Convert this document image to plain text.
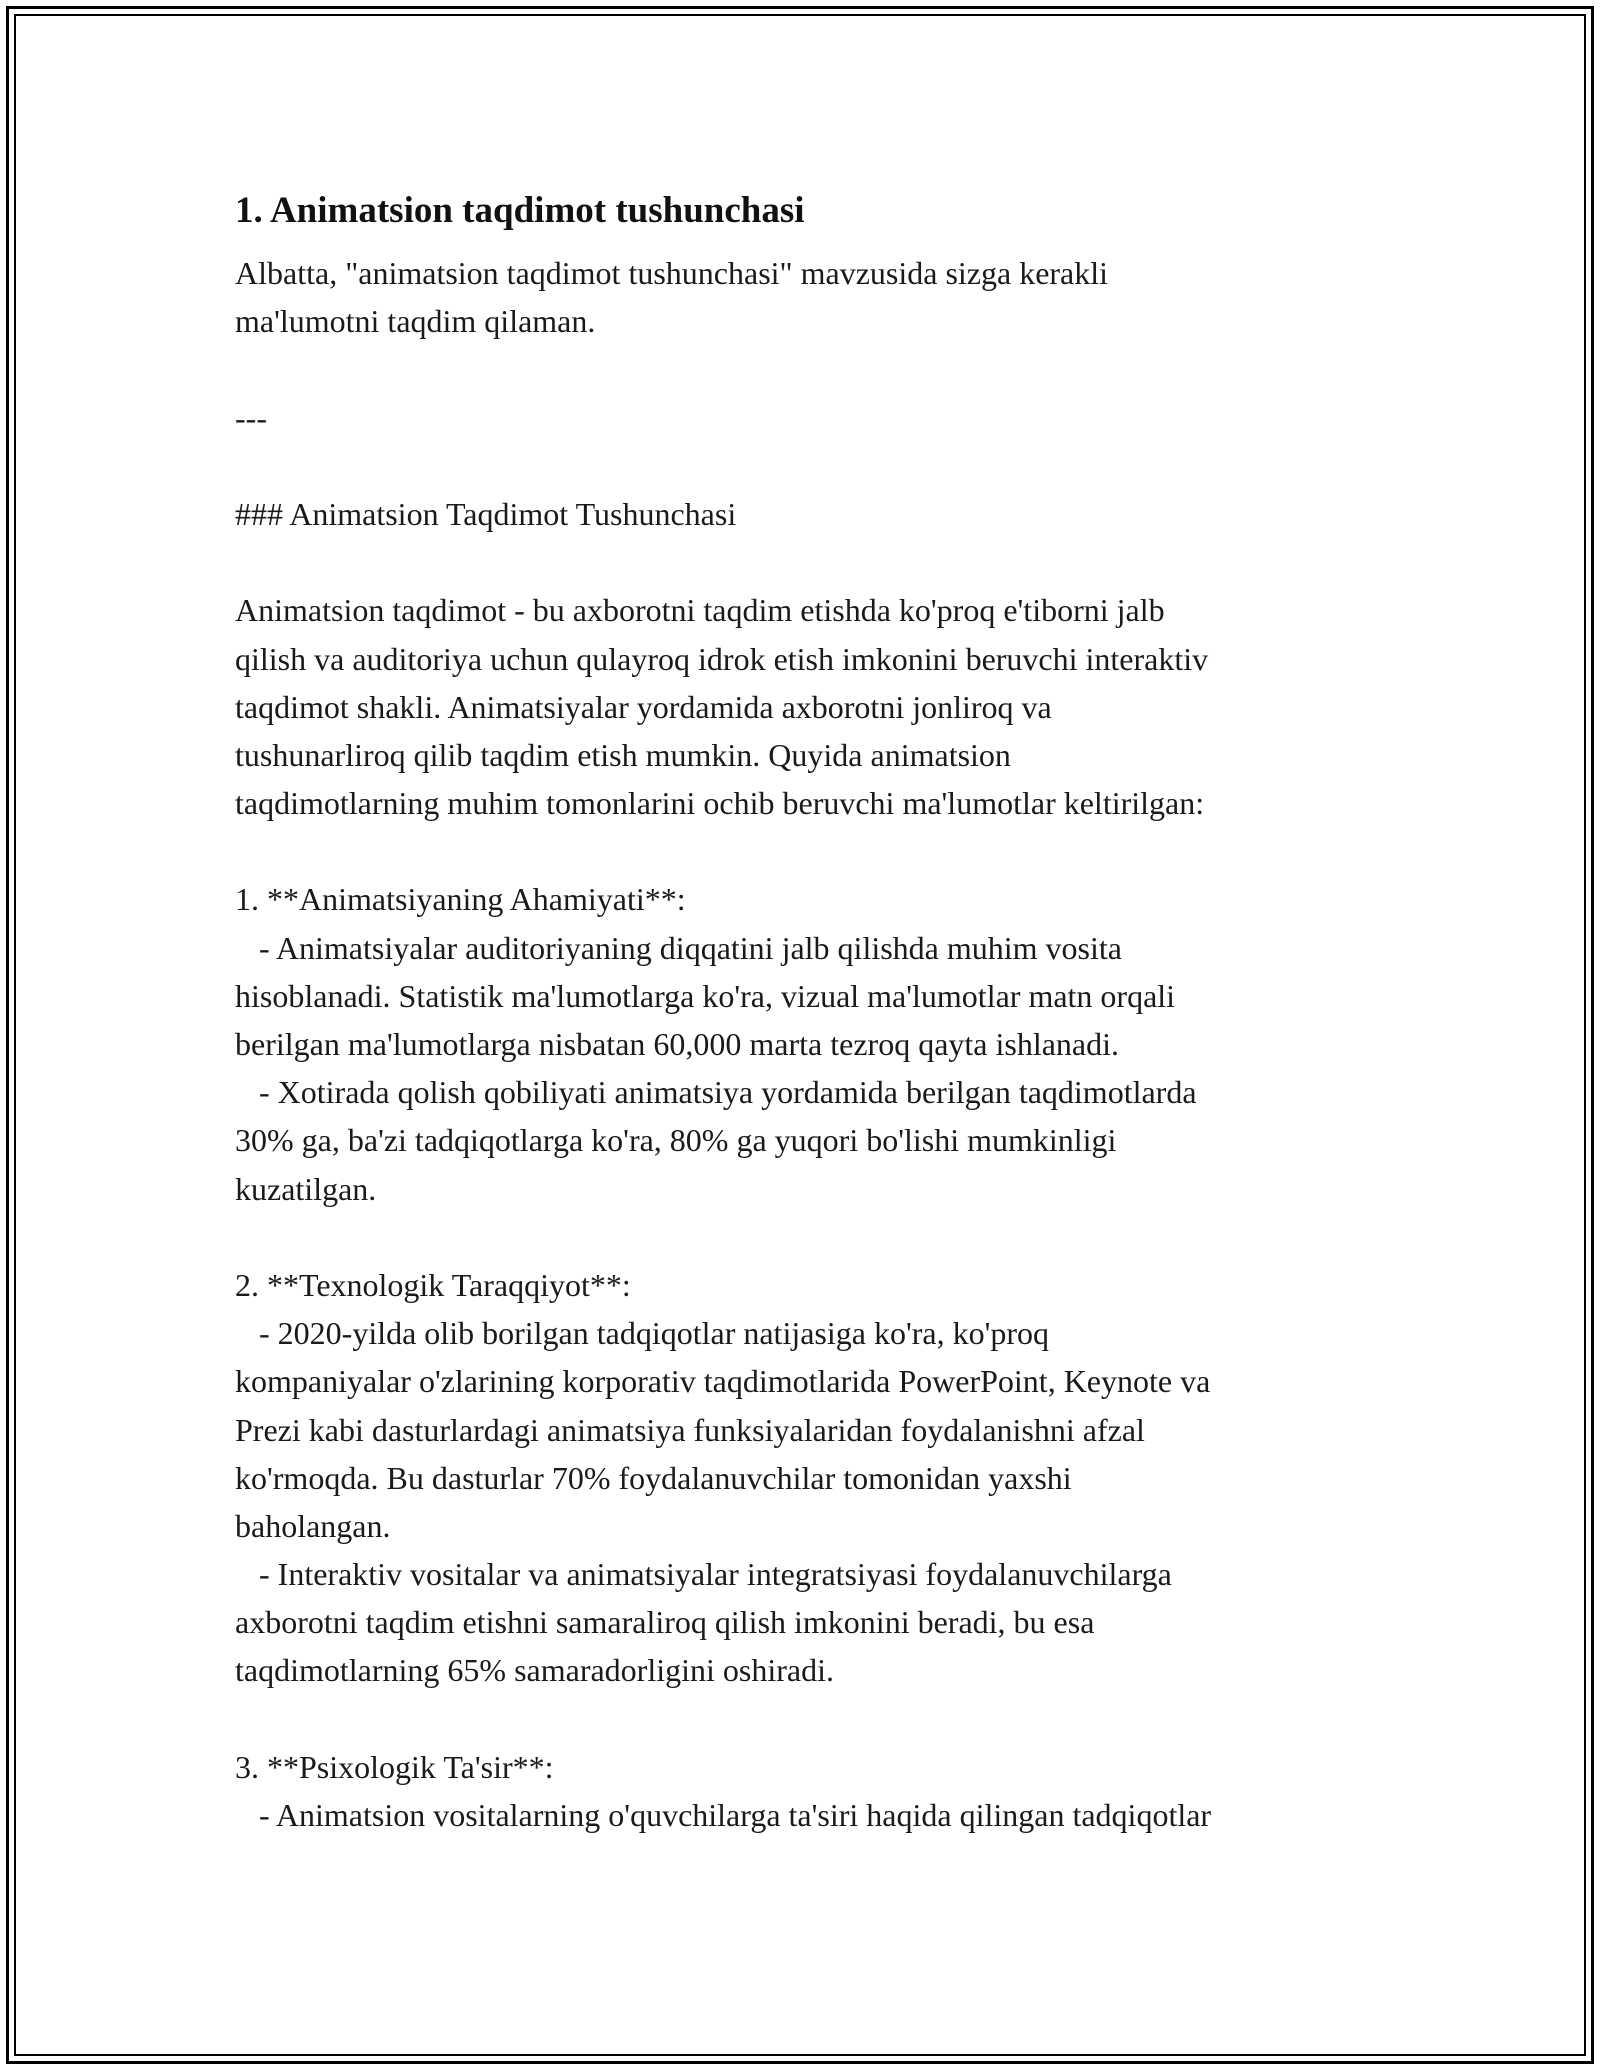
1. Animatsion taqdimot tushunchasi
Albatta, "animatsion taqdimot tushunchasi" mavzusida sizga kerakli
ma'lumotni taqdim qilaman.
---
### Animatsion Taqdimot Tushunchasi
Animatsion taqdimot - bu axborotni taqdim etishda ko'proq e'tiborni jalb
qilish va auditoriya uchun qulayroq idrok etish imkonini beruvchi interaktiv
taqdimot shakli. Animatsiyalar yordamida axborotni jonliroq va
tushunarliroq qilib taqdim etish mumkin. Quyida animatsion
taqdimotlarning muhim tomonlarini ochib beruvchi ma'lumotlar keltirilgan:
1. **Animatsiyaning Ahamiyati**:
- Animatsiyalar auditoriyaning diqqatini jalb qilishda muhim vosita
hisoblanadi. Statistik ma'lumotlarga ko'ra, vizual ma'lumotlar matn orqali
berilgan ma'lumotlarga nisbatan 60,000 marta tezroq qayta ishlanadi.
- Xotirada qolish qobiliyati animatsiya yordamida berilgan taqdimotlarda
30% ga, ba'zi tadqiqotlarga ko'ra, 80% ga yuqori bo'lishi mumkinligi
kuzatilgan.
2. **Texnologik Taraqqiyot**:
- 2020-yilda olib borilgan tadqiqotlar natijasiga ko'ra, ko'proq
kompaniyalar o'zlarining korporativ taqdimotlarida PowerPoint, Keynote va
Prezi kabi dasturlardagi animatsiya funksiyalaridan foydalanishni afzal
ko'rmoqda. Bu dasturlar 70% foydalanuvchilar tomonidan yaxshi
baholangan.
- Interaktiv vositalar va animatsiyalar integratsiyasi foydalanuvchilarga
axborotni taqdim etishni samaraliroq qilish imkonini beradi, bu esa
taqdimotlarning 65% samaradorligini oshiradi.
3. **Psixologik Ta'sir**:
- Animatsion vositalarning o'quvchilarga ta'siri haqida qilingan tadqiqotlar
